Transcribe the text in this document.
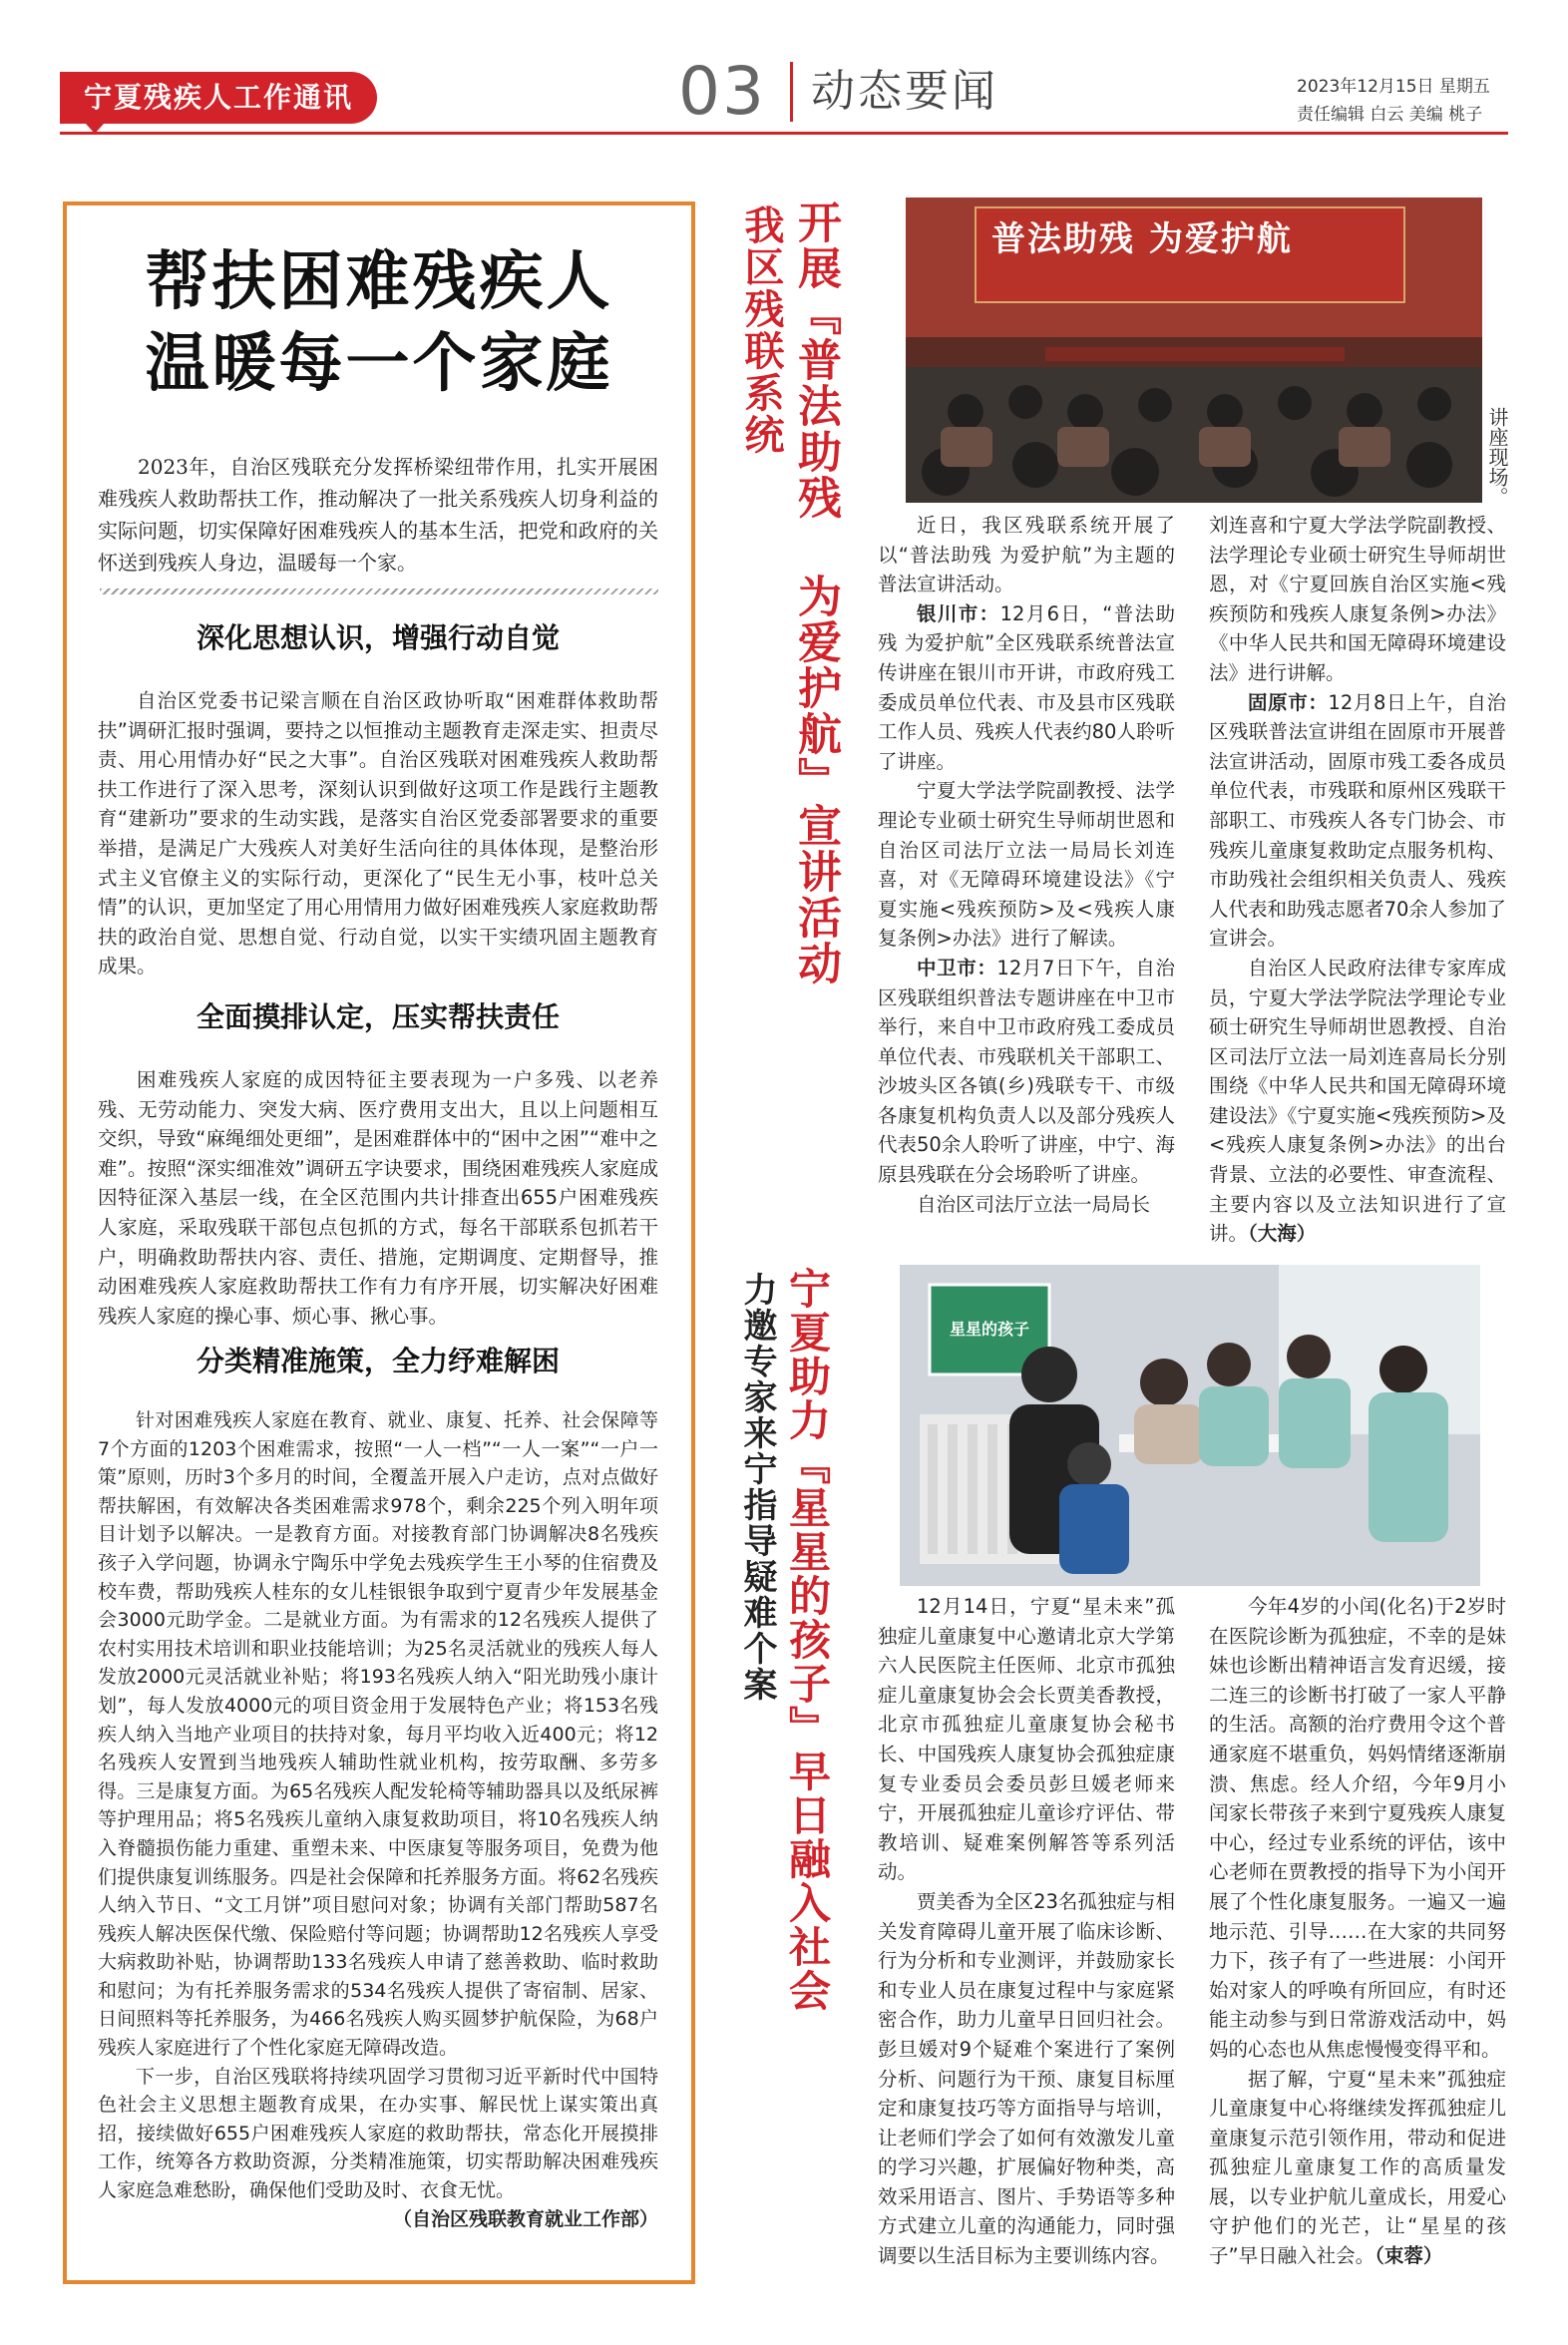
宁夏残疾人工作通讯	03	动态要闻	2023年12月15日 星期五
责任编辑 白云 美编 桃子
帮扶困难残疾人
温暖每一个家庭
2023年，自治区残联充分发挥桥梁纽带作用，扎实开展困难残疾人救助帮扶工作，推动解决了一批关系残疾人切身利益的实际问题，切实保障好困难残疾人的基本生活，把党和政府的关怀送到残疾人身边，温暖每一个家。
深化思想认识，增强行动自觉

自治区党委书记梁言顺在自治区政协听取“困难群体救助帮扶”调研汇报时强调，要持之以恒推动主题教育走深走实、担责尽责、用心用情办好“民之大事”。自治区残联对困难残疾人救助帮扶工作进行了深入思考，深刻认识到做好这项工作是践行主题教育“建新功”要求的生动实践，是落实自治区党委部署要求的重要举措，是满足广大残疾人对美好生活向往的具体体现，是整治形式主义官僚主义的实际行动，更深化了“民生无小事，枝叶总关情”的认识，更加坚定了用心用情用力做好困难残疾人家庭救助帮扶的政治自觉、思想自觉、行动自觉，以实干实绩巩固主题教育成果。

全面摸排认定，压实帮扶责任

困难残疾人家庭的成因特征主要表现为一户多残、以老养残、无劳动能力、突发大病、医疗费用支出大，且以上问题相互交织，导致“麻绳细处更细”，是困难群体中的“困中之困”“难中之难”。按照“深实细准效”调研五字诀要求，围绕困难残疾人家庭成因特征深入基层一线，在全区范围内共计排查出655户困难残疾人家庭，采取残联干部包点包抓的方式，每名干部联系包抓若干户，明确救助帮扶内容、责任、措施，定期调度、定期督导，推动困难残疾人家庭救助帮扶工作有力有序开展，切实解决好困难残疾人家庭的操心事、烦心事、揪心事。

分类精准施策，全力纾难解困

针对困难残疾人家庭在教育、就业、康复、托养、社会保障等7个方面的1203个困难需求，按照“一人一档”“一人一案”“一户一策”原则，历时3个多月的时间，全覆盖开展入户走访，点对点做好帮扶解困，有效解决各类困难需求978个，剩余225个列入明年项目计划予以解决。一是教育方面。对接教育部门协调解决8名残疾孩子入学问题，协调永宁陶乐中学免去残疾学生王小琴的住宿费及校车费，帮助残疾人桂东的女儿桂银银争取到宁夏青少年发展基金会3000元助学金。二是就业方面。为有需求的12名残疾人提供了农村实用技术培训和职业技能培训；为25名灵活就业的残疾人每人发放2000元灵活就业补贴；将193名残疾人纳入“阳光助残小康计划”，每人发放4000元的项目资金用于发展特色产业；将153名残疾人纳入当地产业项目的扶持对象，每月平均收入近400元；将12名残疾人安置到当地残疾人辅助性就业机构，按劳取酬、多劳多得。三是康复方面。为65名残疾人配发轮椅等辅助器具以及纸尿裤等护理用品；将5名残疾儿童纳入康复救助项目，将10名残疾人纳入脊髓损伤能力重建、重塑未来、中医康复等服务项目，免费为他们提供康复训练服务。四是社会保障和托养服务方面。将62名残疾人纳入节日、“文工月饼”项目慰问对象；协调有关部门帮助587名残疾人解决医保代缴、保险赔付等问题；协调帮助12名残疾人享受大病救助补贴，协调帮助133名残疾人申请了慈善救助、临时救助和慰问；为有托养服务需求的534名残疾人提供了寄宿制、居家、日间照料等托养服务，为466名残疾人购买圆梦护航保险，为68户残疾人家庭进行了个性化家庭无障碍改造。

下一步，自治区残联将持续巩固学习贯彻习近平新时代中国特色社会主义思想主题教育成果，在办实事、解民忧上谋实策出真招，接续做好655户困难残疾人家庭的救助帮扶，常态化开展摸排工作，统筹各方救助资源，分类精准施策，切实帮助解决困难残疾人家庭急难愁盼，确保他们受助及时、衣食无忧。

（自治区残联教育就业工作部）

开展『普法助残 为爱护航』宣讲活动
我区残联系统	普法助残 为爱护航
讲座现场。

近日，我区残联系统开展了以“普法助残 为爱护航”为主题的普法宣讲活动。

银川市：12月6日，“普法助残 为爱护航”全区残联系统普法宣传讲座在银川市开讲，市政府残工委成员单位代表、市及县市区残联工作人员、残疾人代表约80人聆听了讲座。

宁夏大学法学院副教授、法学理论专业硕士研究生导师胡世恩和自治区司法厅立法一局局长刘连喜，对《无障碍环境建设法》《宁夏实施<残疾预防>及<残疾人康复条例>办法》进行了解读。

中卫市：12月7日下午，自治区残联组织普法专题讲座在中卫市举行，来自中卫市政府残工委成员单位代表、市残联机关干部职工、沙坡头区各镇(乡)残联专干、市级各康复机构负责人以及部分残疾人代表50余人聆听了讲座，中宁、海原县残联在分会场聆听了讲座。

自治区司法厅立法一局局长

刘连喜和宁夏大学法学院副教授、法学理论专业硕士研究生导师胡世恩，对《宁夏回族自治区实施<残疾预防和残疾人康复条例>办法》《中华人民共和国无障碍环境建设法》进行讲解。

固原市：12月8日上午，自治区残联普法宣讲组在固原市开展普法宣讲活动，固原市残工委各成员单位代表，市残联和原州区残联干部职工、市残疾人各专门协会、市残疾儿童康复救助定点服务机构、市助残社会组织相关负责人、残疾人代表和助残志愿者70余人参加了宣讲会。

自治区人民政府法律专家库成员，宁夏大学法学院法学理论专业硕士研究生导师胡世恩教授、自治区司法厅立法一局刘连喜局长分别围绕《中华人民共和国无障碍环境建设法》《宁夏实施<残疾预防>及<残疾人康复条例>办法》的出台背景、立法的必要性、审查流程、主要内容以及立法知识进行了宣讲。（大海）

宁夏助力『星星的孩子』早日融入社会
力邀专家来宁指导疑难个案	星星的孩子

12月14日，宁夏“星未来”孤独症儿童康复中心邀请北京大学第六人民医院主任医师、北京市孤独症儿童康复协会会长贾美香教授，北京市孤独症儿童康复协会秘书长、中国残疾人康复协会孤独症康复专业委员会委员彭旦媛老师来宁，开展孤独症儿童诊疗评估、带教培训、疑难案例解答等系列活动。

贾美香为全区23名孤独症与相关发育障碍儿童开展了临床诊断、行为分析和专业测评，并鼓励家长和专业人员在康复过程中与家庭紧密合作，助力儿童早日回归社会。彭旦媛对9个疑难个案进行了案例分析、问题行为干预、康复目标厘定和康复技巧等方面指导与培训，让老师们学会了如何有效激发儿童的学习兴趣，扩展偏好物种类，高效采用语言、图片、手势语等多种方式建立儿童的沟通能力，同时强调要以生活目标为主要训练内容。

今年4岁的小闰(化名)于2岁时在医院诊断为孤独症，不幸的是妹妹也诊断出精神语言发育迟缓，接二连三的诊断书打破了一家人平静的生活。高额的治疗费用令这个普通家庭不堪重负，妈妈情绪逐渐崩溃、焦虑。经人介绍，今年9月小闰家长带孩子来到宁夏残疾人康复中心，经过专业系统的评估，该中心老师在贾教授的指导下为小闰开展了个性化康复服务。一遍又一遍地示范、引导……在大家的共同努力下，孩子有了一些进展：小闰开始对家人的呼唤有所回应，有时还能主动参与到日常游戏活动中，妈妈的心态也从焦虑慢慢变得平和。

据了解，宁夏“星未来”孤独症儿童康复中心将继续发挥孤独症儿童康复示范引领作用，带动和促进孤独症儿童康复工作的高质量发展，以专业护航儿童成长，用爱心守护他们的光芒，让“星星的孩子”早日融入社会。（束蓉）
